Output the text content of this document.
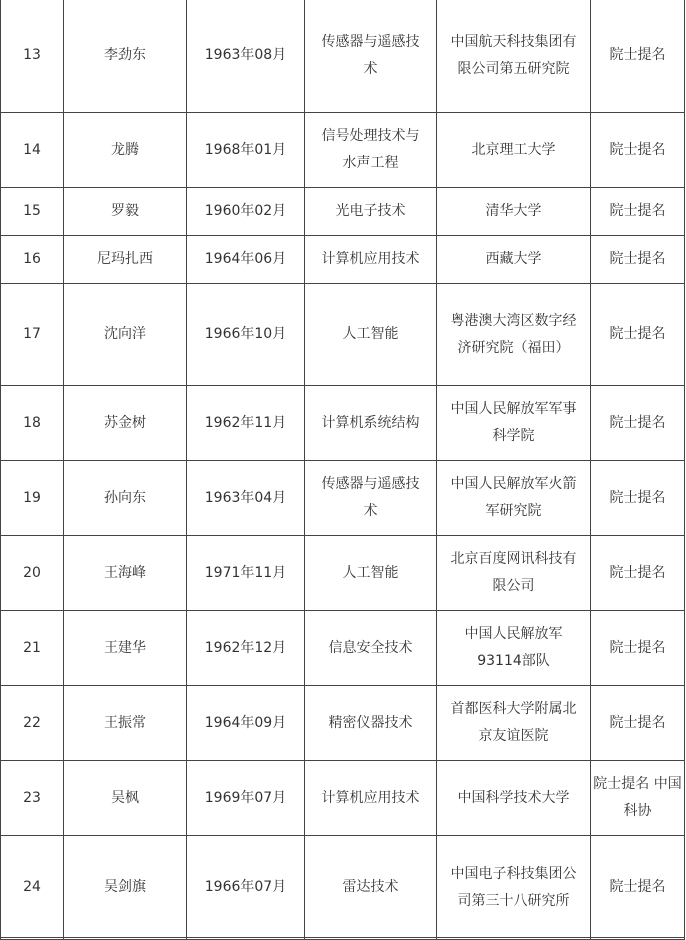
13	李劲东	1963年08月	传感器与遥感技术	中国航天科技集团有限公司第五研究院	院士提名
14	龙腾	1968年01月	信号处理技术与水声工程	北京理工大学	院士提名
15	罗毅	1960年02月	光电子技术	清华大学	院士提名
16	尼玛扎西	1964年06月	计算机应用技术	西藏大学	院士提名
17	沈向洋	1966年10月	人工智能	粤港澳大湾区数字经济研究院（福田）	院士提名
18	苏金树	1962年11月	计算机系统结构	中国人民解放军军事科学院	院士提名
19	孙向东	1963年04月	传感器与遥感技术	中国人民解放军火箭军研究院	院士提名
20	王海峰	1971年11月	人工智能	北京百度网讯科技有限公司	院士提名
21	王建华	1962年12月	信息安全技术	中国人民解放军93114部队	院士提名
22	王振常	1964年09月	精密仪器技术	首都医科大学附属北京友谊医院	院士提名
23	吴枫	1969年07月	计算机应用技术	中国科学技术大学	院士提名 中国科协
24	吴剑旗	1966年07月	雷达技术	中国电子科技集团公司第三十八研究所	院士提名
